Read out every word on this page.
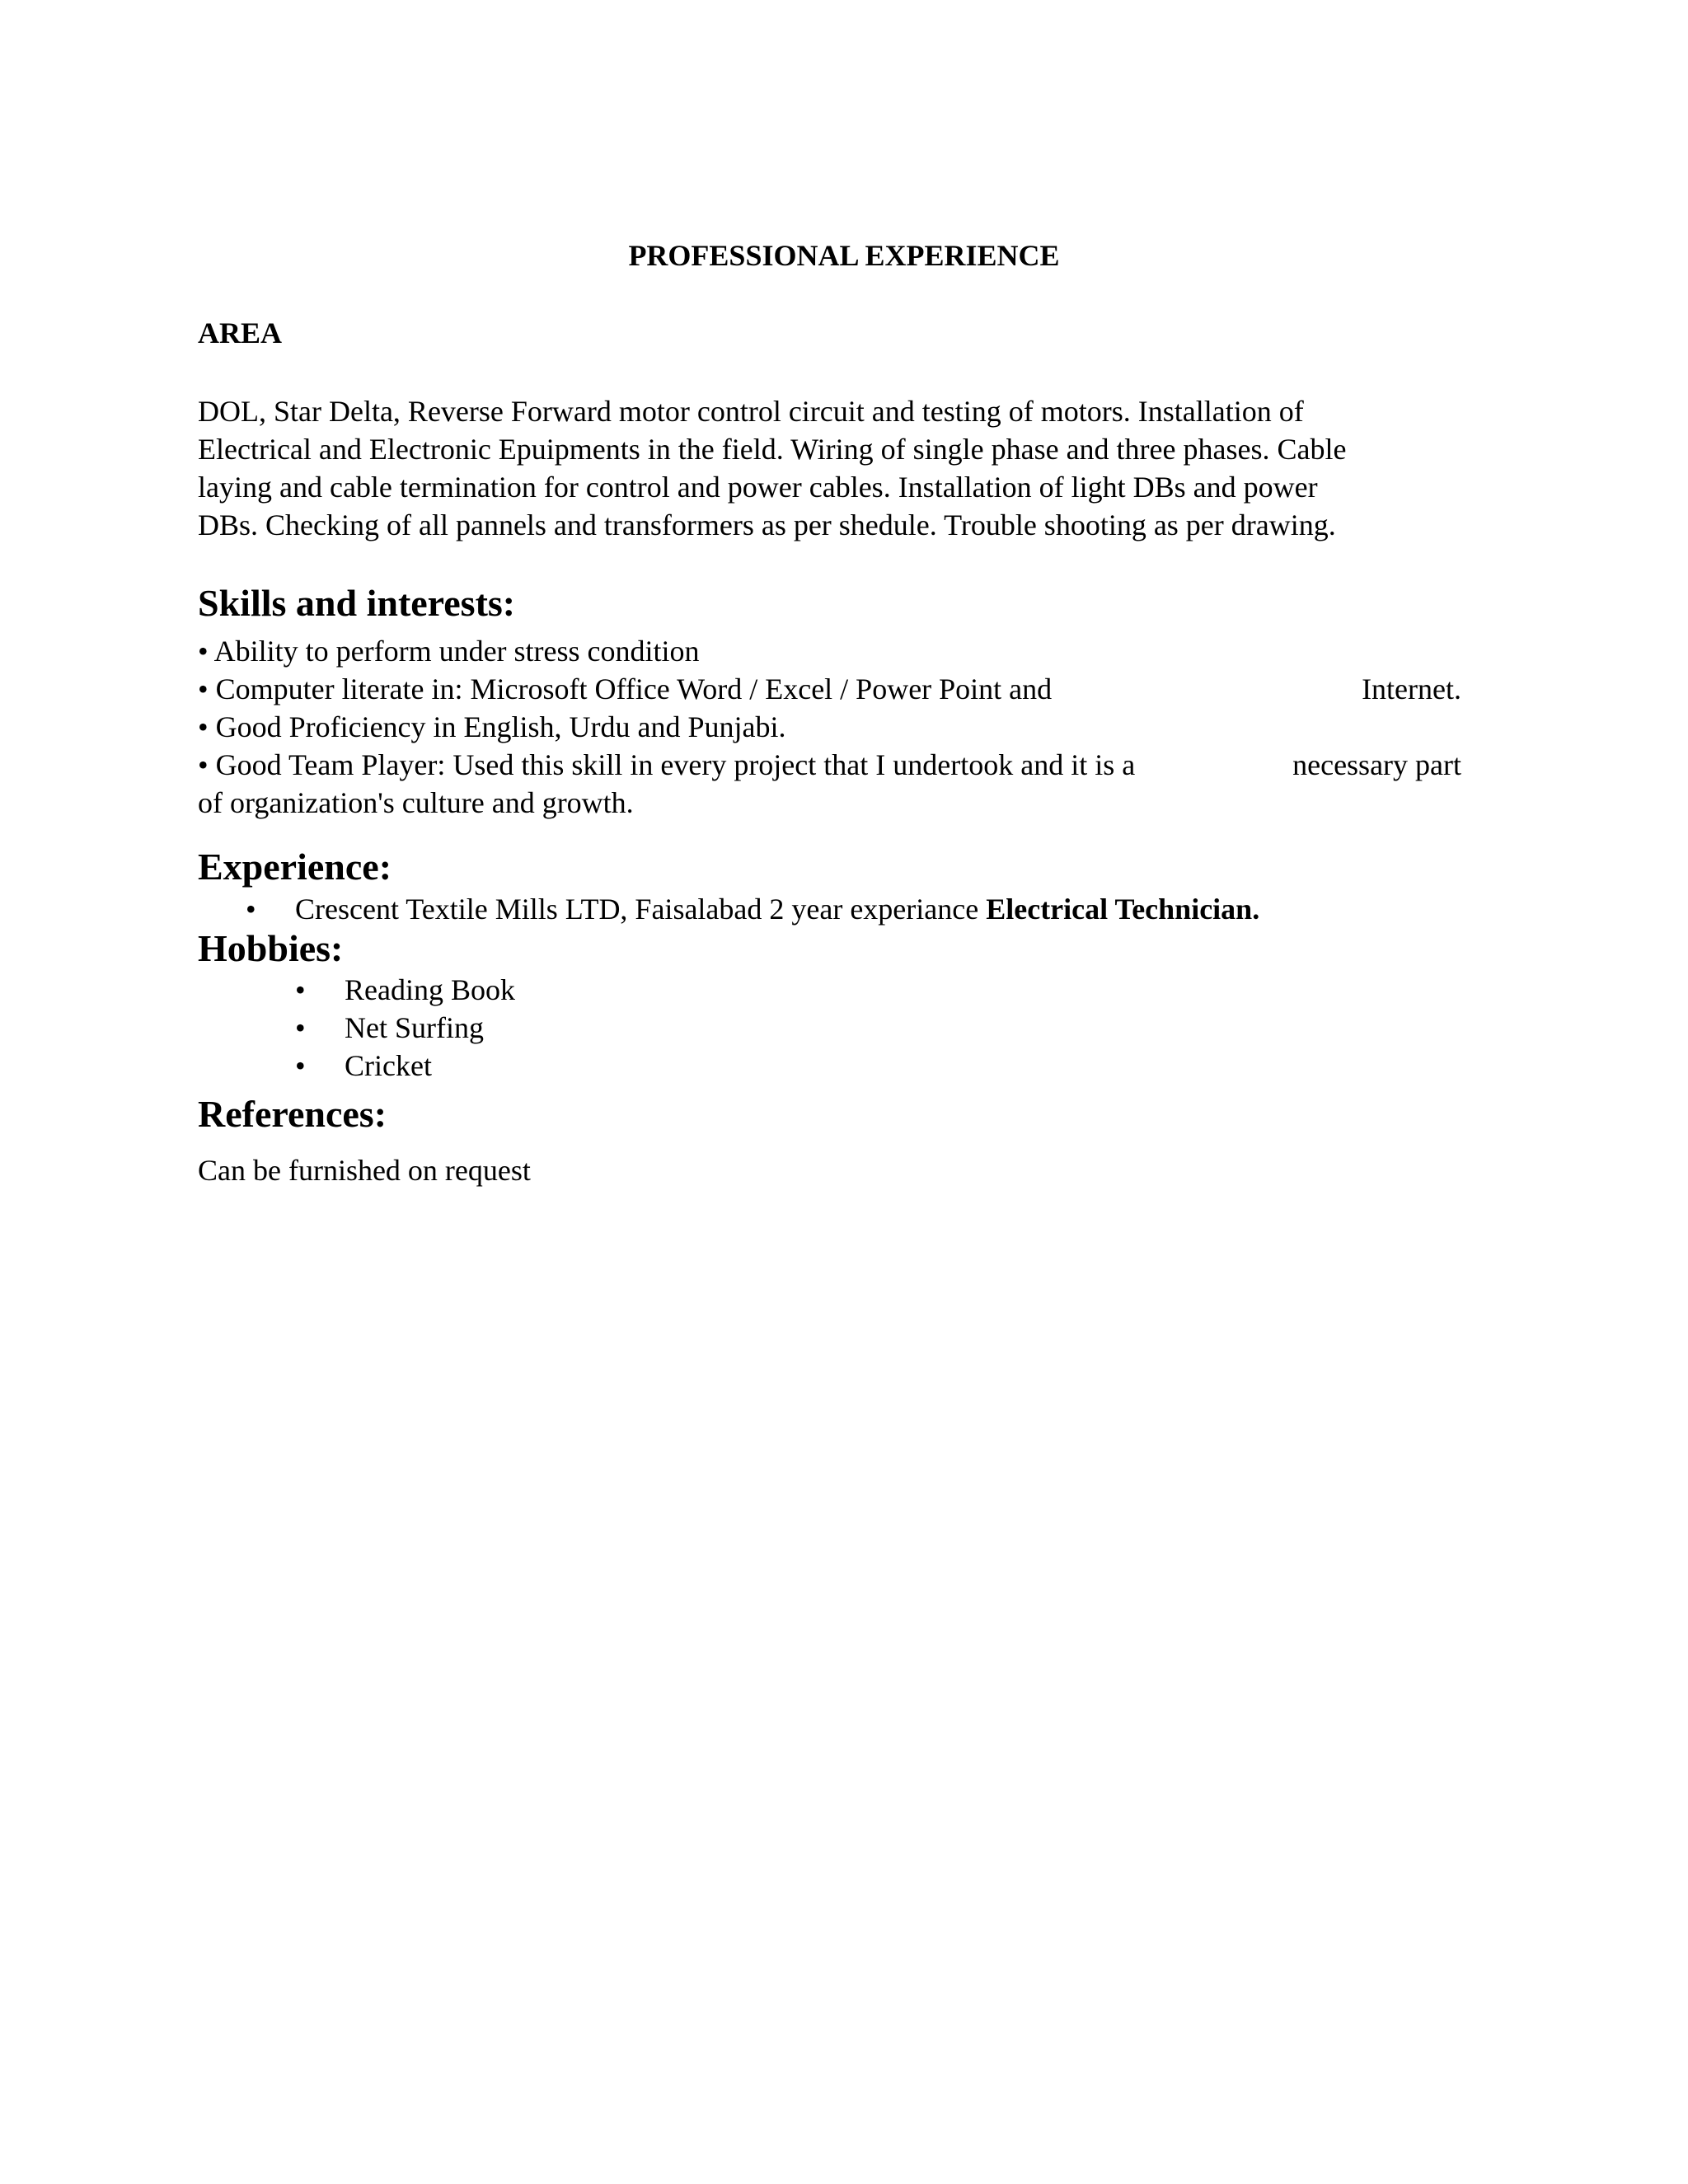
PROFESSIONAL EXPERIENCE
AREA
DOL, Star Delta, Reverse Forward motor control circuit and testing of motors. Installation of
Electrical and Electronic Epuipments in the field. Wiring of single phase and three phases. Cable
laying and cable termination for control and power cables. Installation of light DBs and power
DBs. Checking of all pannels and transformers as per shedule. Trouble shooting as per drawing.
Skills and interests:
• Ability to perform under stress condition
• Computer literate in: Microsoft Office Word / Excel / Power Point and	Internet.
• Good Proficiency in English, Urdu and Punjabi.
• Good Team Player: Used this skill in every project that I undertook and it is a	necessary part
of organization's culture and growth.
Experience:
• Crescent Textile Mills LTD, Faisalabad 2 year experiance Electrical Technician.
Hobbies:
• Reading Book
• Net Surfing
• Cricket
References:
Can be furnished on request
